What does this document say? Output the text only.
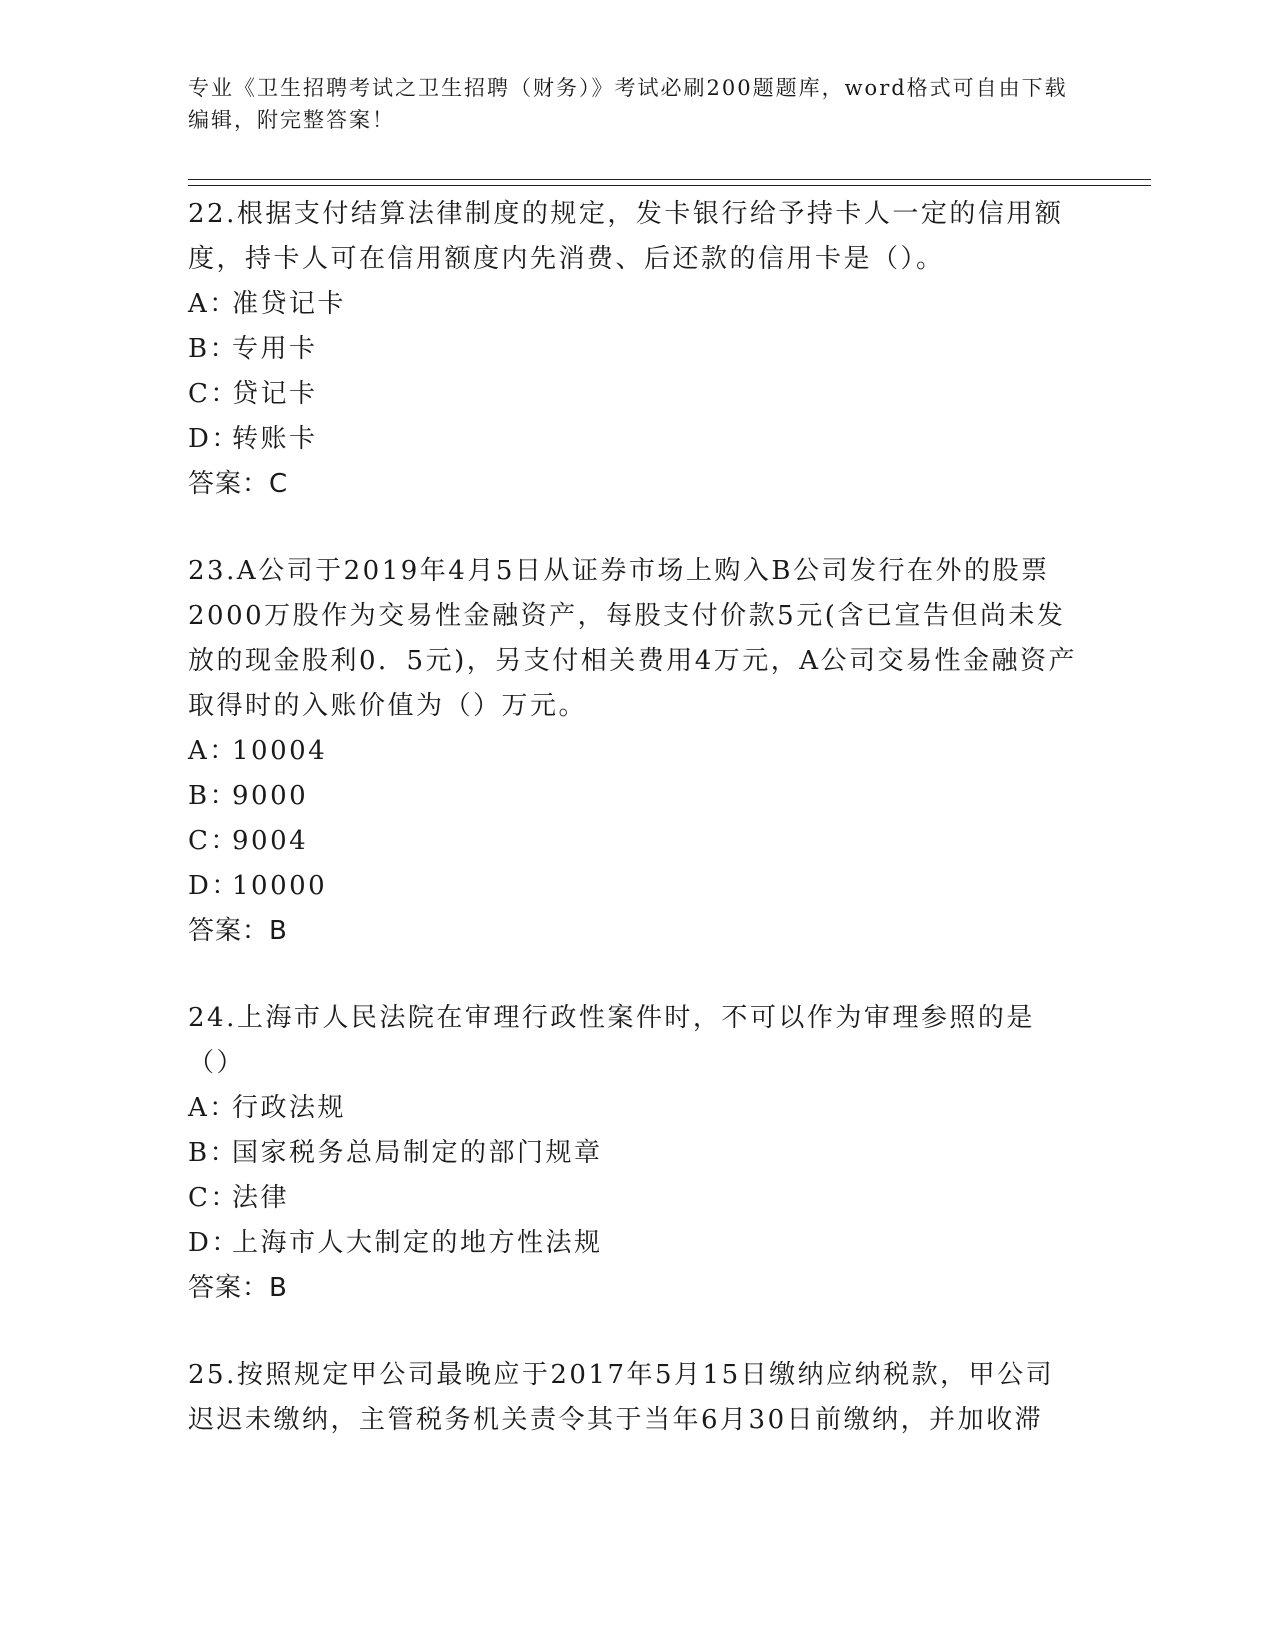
专业《卫生招聘考试之卫生招聘（财务）》考试必刷200题题库，word格式可自由下载编辑，附完整答案！
22.根据支付结算法律制度的规定，发卡银行给予持卡人一定的信用额度，持卡人可在信用额度内先消费、后还款的信用卡是（）。
A：准贷记卡
B：专用卡
C：贷记卡
D：转账卡
答案：C
23.A公司于2019年4月5日从证券市场上购入B公司发行在外的股票2000万股作为交易性金融资产，每股支付价款5元(含已宣告但尚未发放的现金股利0．5元)，另支付相关费用4万元，A公司交易性金融资产取得时的入账价值为（）万元。
A：10004
B：9000
C：9004
D：10000
答案：B
24.上海市人民法院在审理行政性案件时，不可以作为审理参照的是（）
A：行政法规
B：国家税务总局制定的部门规章
C：法律
D：上海市人大制定的地方性法规
答案：B
25.按照规定甲公司最晚应于2017年5月15日缴纳应纳税款，甲公司迟迟未缴纳，主管税务机关责令其于当年6月30日前缴纳，并加收滞
